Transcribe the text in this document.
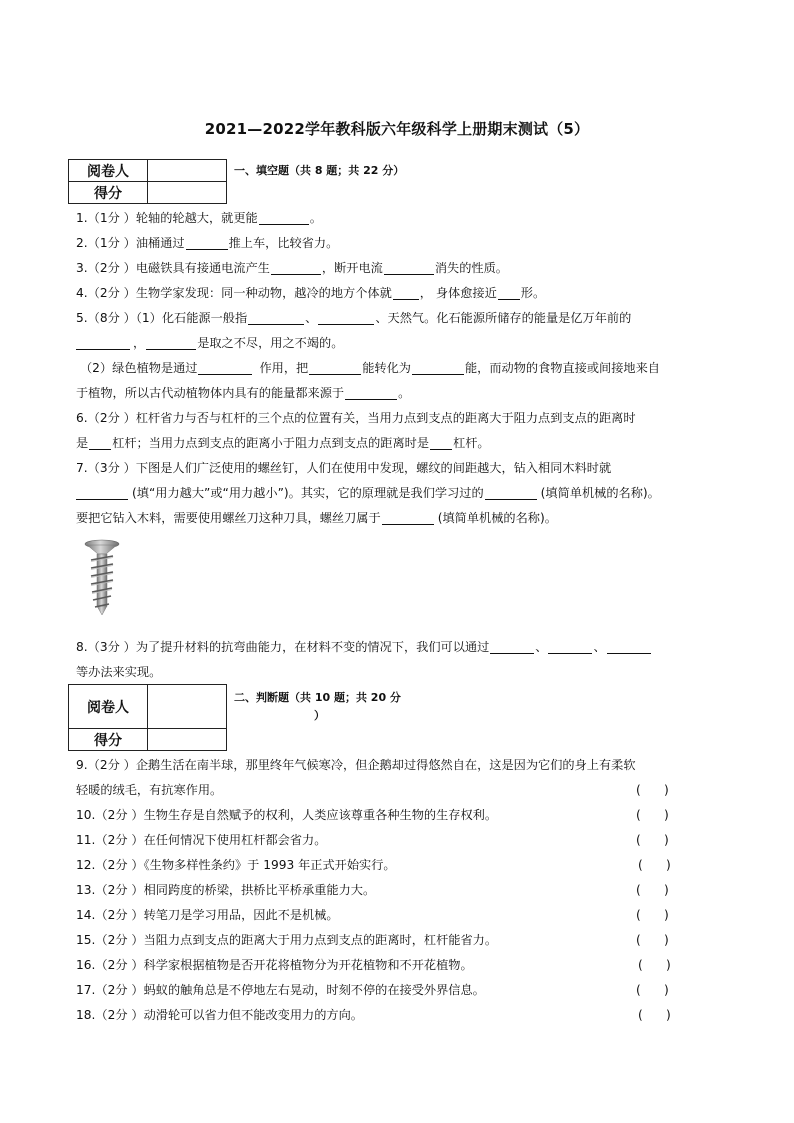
2021—2022学年教科版六年级科学上册期末测试（5）
阅卷人	
得分	
一、填空题（共 8 题；共 22 分）
1.（1分 ）轮轴的轮越大，就更能	。
2.（1分 ）油桶通过	推上车，比较省力。
3.（2分 ）电磁铁具有接通电流产生	，断开电流	消失的性质。
4.（2分 ）生物学家发现：同一种动物，越冷的地方个体就 ， 身体愈接近 形。
5.（8分 ）（1）化石能源一般指	、	、天然气。化石能源所储存的能量是亿万年前的
，	是取之不尽，用之不竭的。
（2）绿色植物是通过	作用，把	能转化为	能，而动物的食物直接或间接地来自
于植物，所以古代动植物体内具有的能量都来源于	。
6.（2分 ）杠杆省力与否与杠杆的三个点的位置有关，当用力点到支点的距离大于阻力点到支点的距离时
是 杠杆；当用力点到支点的距离小于阻力点到支点的距离时是 杠杆。
7.（3分 ）下图是人们广泛使用的螺丝钉，人们在使用中发现，螺纹的间距越大，钻入相同木料时就
(填“用力越大”或“用力越小”)。其实，它的原理就是我们学习过的	(填简单机械的名称)。
要把它钻入木料，需要使用螺丝刀这种刀具，螺丝刀属于	(填简单机械的名称)。
8.（3分 ）为了提升材料的抗弯曲能力，在材料不变的情况下，我们可以通过	、	、
等办法来实现。
阅卷人	
得分	
二、判断题（共 10 题；共 20 分
）
9.（2分 ）企鹅生活在南半球，那里终年气候寒冷，但企鹅却过得悠然自在，这是因为它们的身上有柔软
轻暖的绒毛，有抗寒作用。	(      )
10.（2分 ）生物生存是自然赋予的权利，人类应该尊重各种生物的生存权利。	(      )
11.（2分 ）在任何情况下使用杠杆都会省力。	(      )
12.（2分 ）《生物多样性条约》于 1993 年正式开始实行。	(      )
13.（2分 ）相同跨度的桥梁，拱桥比平桥承重能力大。	(      )
14.（2分 ）转笔刀是学习用品，因此不是机械。	(      )
15.（2分 ）当阻力点到支点的距离大于用力点到支点的距离时，杠杆能省力。	(      )
16.（2分 ）科学家根据植物是否开花将植物分为开花植物和不开花植物。	(      )
17.（2分 ）蚂蚁的触角总是不停地左右晃动，时刻不停的在接受外界信息。	(      )
18.（2分 ）动滑轮可以省力但不能改变用力的方向。	(      )
